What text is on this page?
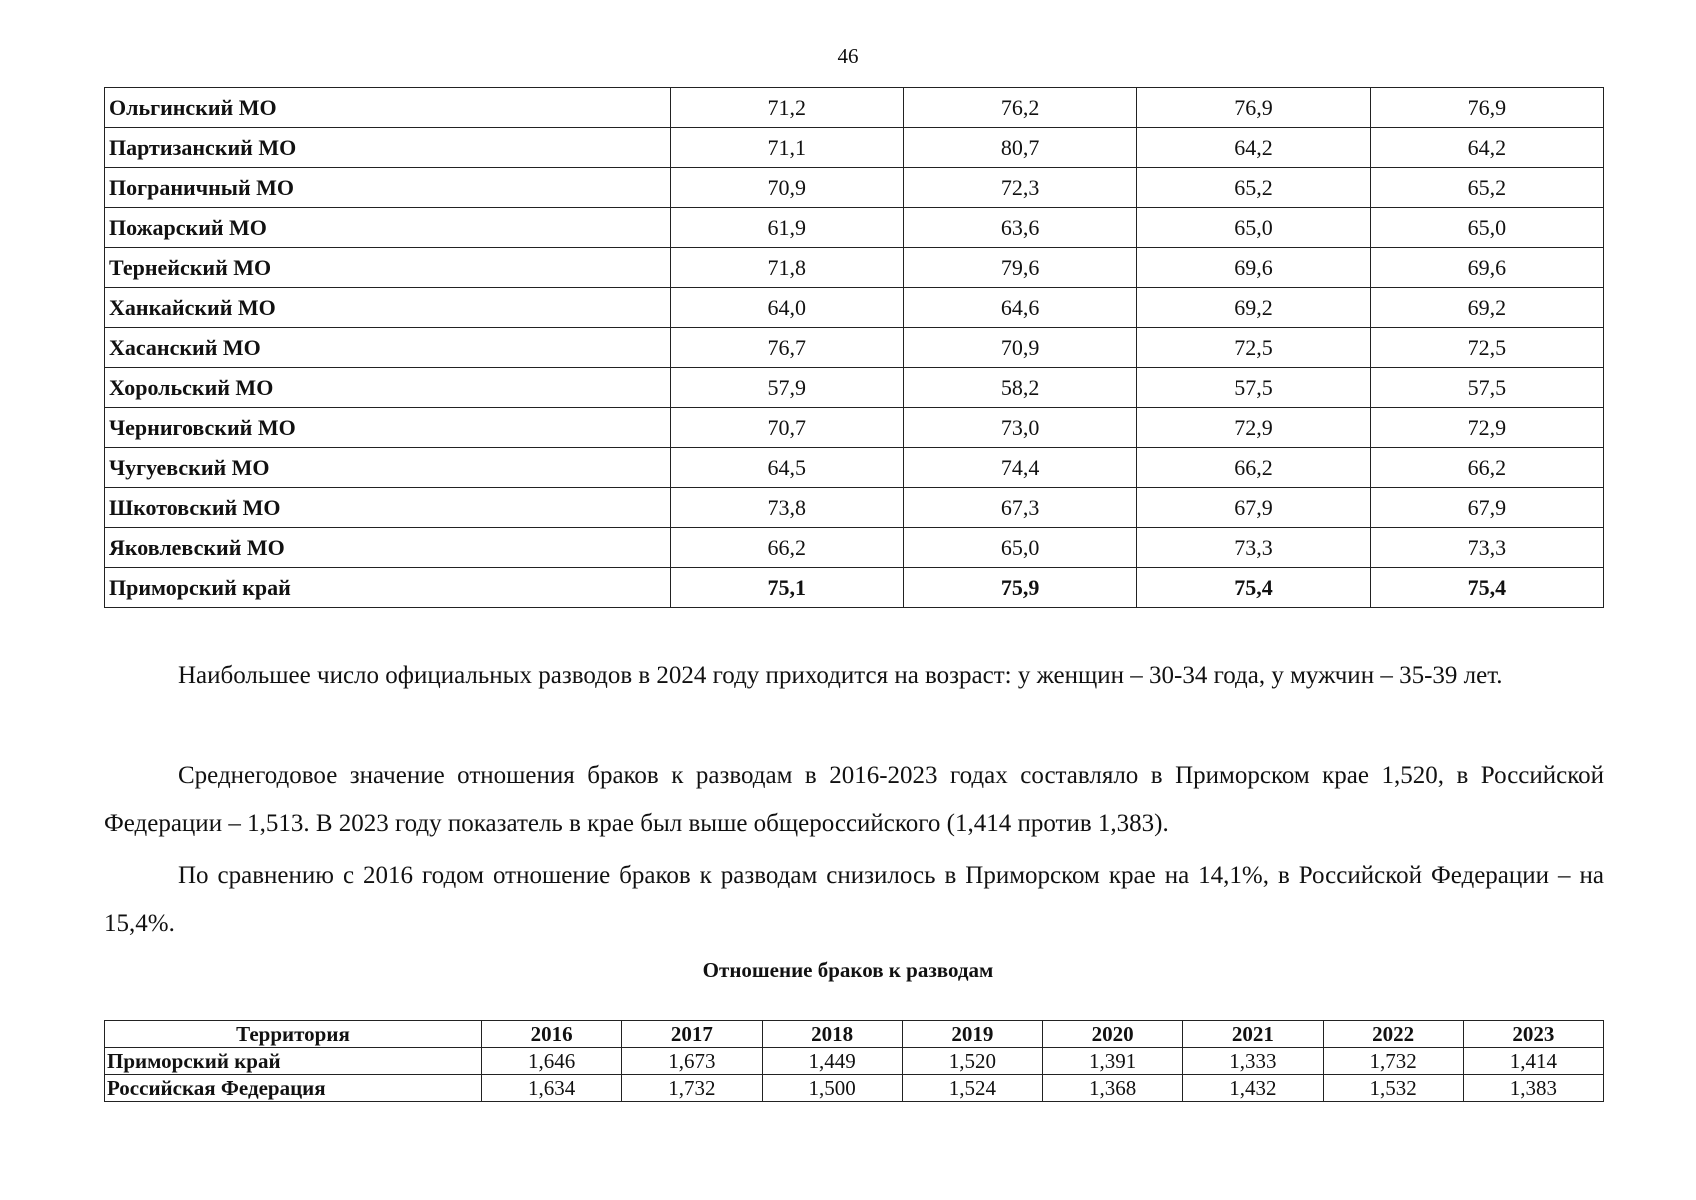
46
Ольгинский МО	71,2	76,2	76,9	76,9
Партизанский МО	71,1	80,7	64,2	64,2
Пограничный МО	70,9	72,3	65,2	65,2
Пожарский МО	61,9	63,6	65,0	65,0
Тернейский МО	71,8	79,6	69,6	69,6
Ханкайский МО	64,0	64,6	69,2	69,2
Хасанский МО	76,7	70,9	72,5	72,5
Хорольский МО	57,9	58,2	57,5	57,5
Черниговский МО	70,7	73,0	72,9	72,9
Чугуевский МО	64,5	74,4	66,2	66,2
Шкотовский МО	73,8	67,3	67,9	67,9
Яковлевский МО	66,2	65,0	73,3	73,3
Приморский край	75,1	75,9	75,4	75,4

Наибольшее число официальных разводов в 2024 году приходится на возраст: у женщин – 30-34 года, у мужчин – 35-39 лет.

Среднегодовое значение отношения браков к разводам в 2016-2023 годах составляло в Приморском крае 1,520, в Российской Федерации – 1,513. В 2023 году показатель в крае был выше общероссийского (1,414 против 1,383).

По сравнению с 2016 годом отношение браков к разводам снизилось в Приморском крае на 14,1%, в Российской Федерации – на 15,4%.

Отношение браков к разводам
Территория	2016	2017	2018	2019	2020	2021	2022	2023
Приморский край	1,646	1,673	1,449	1,520	1,391	1,333	1,732	1,414
Российская Федерация	1,634	1,732	1,500	1,524	1,368	1,432	1,532	1,383
